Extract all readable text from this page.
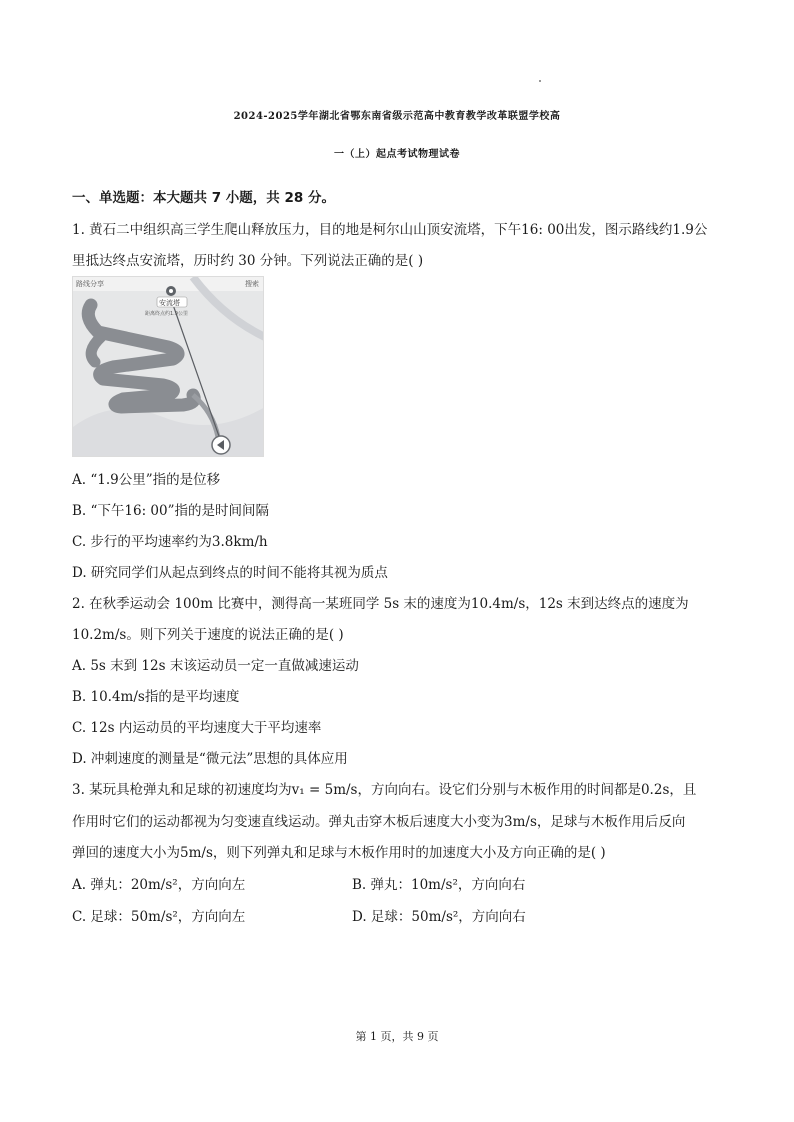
2024-2025学年湖北省鄂东南省级示范高中教育教学改革联盟学校高
一（上）起点考试物理试卷
一、单选题：本大题共 7 小题，共 28 分。
1. 黄石二中组织高三学生爬山释放压力，目的地是柯尔山山顶安流塔，下午16: 00出发，图示路线约1.9公
里抵达终点安流塔，历时约 30 分钟。下列说法正确的是( )
路线分享
安流塔
距离终点约1.9公里
搜索
A. “1.9公里”指的是位移
B. “下午16: 00”指的是时间间隔
C. 步行的平均速率约为3.8km/h
D. 研究同学们从起点到终点的时间不能将其视为质点
2. 在秋季运动会 100m 比赛中，测得高一某班同学 5s 末的速度为10.4m/s，12s 末到达终点的速度为
10.2m/s。则下列关于速度的说法正确的是( )
A. 5s 末到 12s 末该运动员一定一直做减速运动
B. 10.4m/s指的是平均速度
C. 12s 内运动员的平均速度大于平均速率
D. 冲刺速度的测量是“微元法”思想的具体应用
3. 某玩具枪弹丸和足球的初速度均为v₁ = 5m/s，方向向右。设它们分别与木板作用的时间都是0.2s，且
作用时它们的运动都视为匀变速直线运动。弹丸击穿木板后速度大小变为3m/s，足球与木板作用后反向
弹回的速度大小为5m/s，则下列弹丸和足球与木板作用时的加速度大小及方向正确的是( )
A. 弹丸：20m/s²，方向向左	B. 弹丸：10m/s²，方向向右
C. 足球：50m/s²，方向向左	D. 足球：50m/s²，方向向右
第 1 页，共 9 页
